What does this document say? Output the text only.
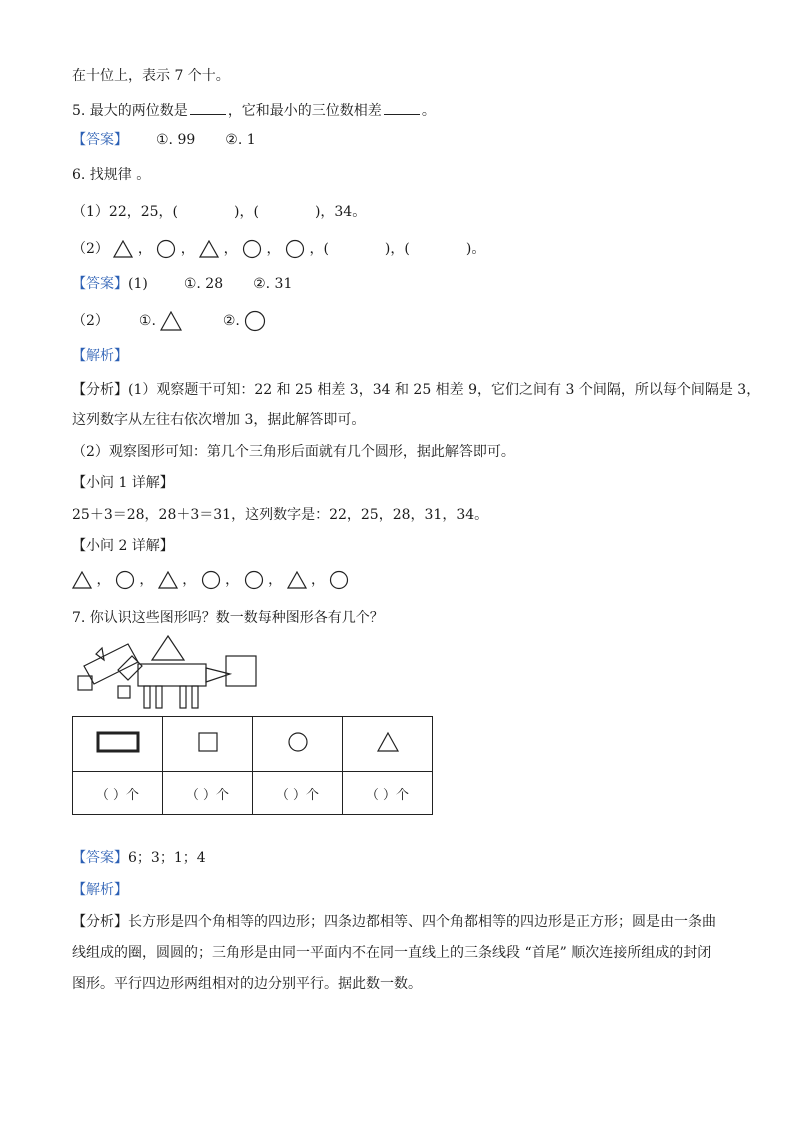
在十位上，表示 7 个十。
5. 最大的两位数是	，它和最小的三位数相差	。
【答案】 ①. 99 ②. 1
6. 找规律 。
（1）22，25，(	)，(	)，34。
（2） ， ， ， ， ，(	)，(	)。
【答案】(1)	①. 28 ②. 31
（2） ①.	②.
【解析】
【分析】(1）观察题干可知：22 和 25 相差 3，34 和 25 相差 9，它们之间有 3 个间隔，所以每个间隔是 3，
这列数字从左往右依次增加 3，据此解答即可。
（2）观察图形可知：第几个三角形后面就有几个圆形，据此解答即可。
【小问 1 详解】
25＋3＝28，28＋3＝31，这列数字是：22，25，28，31，34。
【小问 2 详解】
， ， ， ， ， ，
7. 你认识这些图形吗？数一数每种图形各有几个？

（ ）个	（ ）个	（ ）个	（ ）个
【答案】6；3；1；4
【解析】
【分析】长方形是四个角相等的四边形；四条边都相等、四个角都相等的四边形是正方形；圆是由一条曲
线组成的圈，圆圆的；三角形是由同一平面内不在同一直线上的三条线段 “首尾” 顺次连接所组成的封闭
图形。平行四边形两组相对的边分别平行。据此数一数。
